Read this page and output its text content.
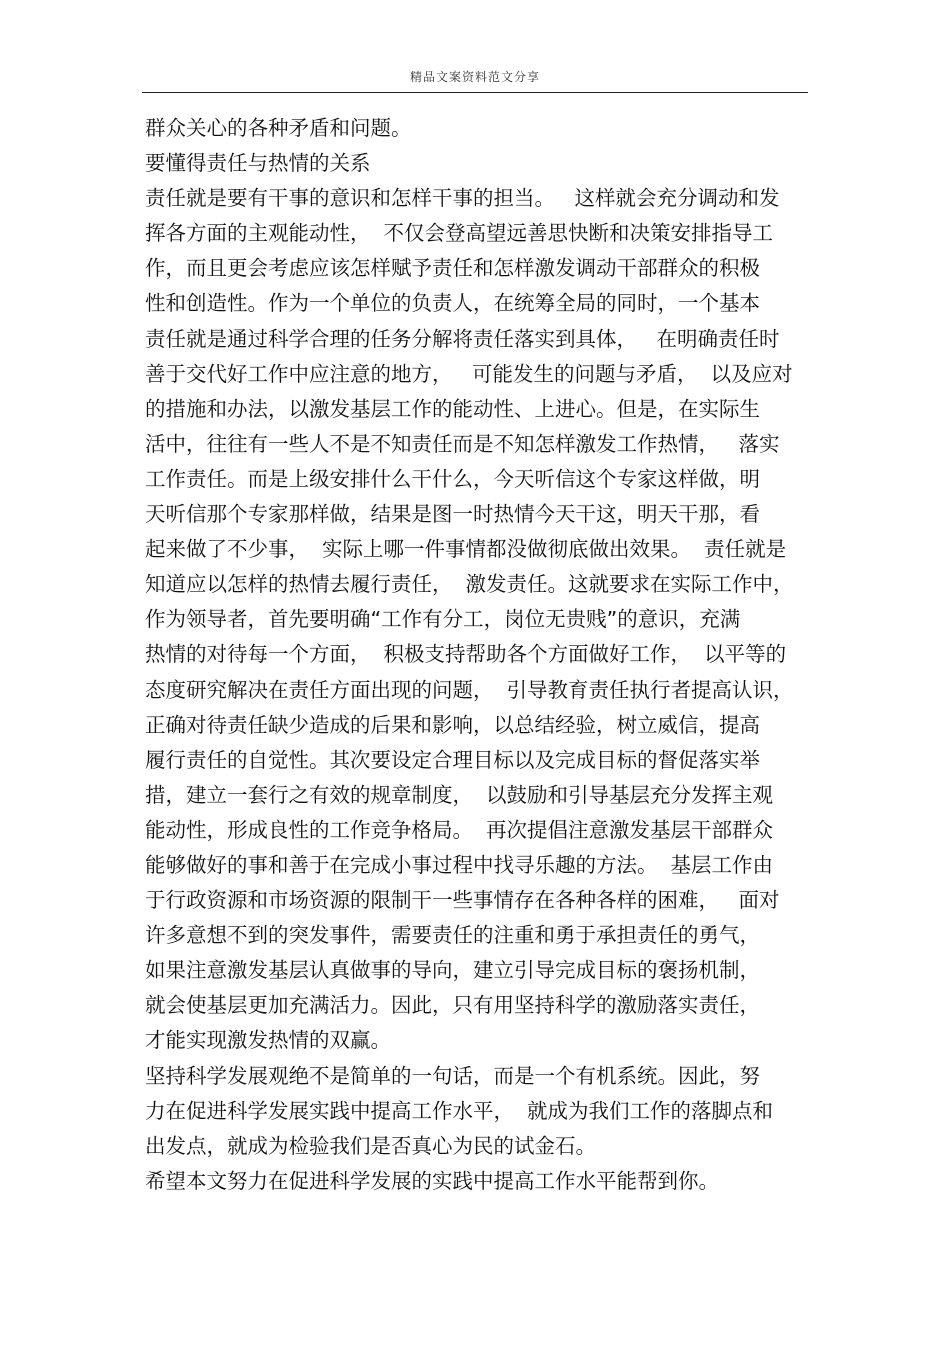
精品文案资料范文分享
群众关心的各种矛盾和问题。
要懂得责任与热情的关系
责任就是要有干事的意识和怎样干事的担当。   这样就会充分调动和发
挥各方面的主观能动性，  不仅会登高望远善思快断和决策安排指导工
作，而且更会考虑应该怎样赋予责任和怎样激发调动干部群众的积极
性和创造性。作为一个单位的负责人，在统筹全局的同时，一个基本
责任就是通过科学合理的任务分解将责任落实到具体，   在明确责任时
善于交代好工作中应注意的地方，   可能发生的问题与矛盾，  以及应对
的措施和办法，以激发基层工作的能动性、上进心。但是，在实际生
活中，往往有一些人不是不知责任而是不知怎样激发工作热情，   落实
工作责任。而是上级安排什么干什么，今天听信这个专家这样做，明
天听信那个专家那样做，结果是图一时热情今天干这，明天干那，看
起来做了不少事，  实际上哪一件事情都没做彻底做出效果。  责任就是
知道应以怎样的热情去履行责任，  激发责任。这就要求在实际工作中，
作为领导者，首先要明确“工作有分工，岗位无贵贱”的意识，充满
热情的对待每一个方面，  积极支持帮助各个方面做好工作，  以平等的
态度研究解决在责任方面出现的问题，  引导教育责任执行者提高认识，
正确对待责任缺少造成的后果和影响，以总结经验，树立威信，提高
履行责任的自觉性。其次要设定合理目标以及完成目标的督促落实举
措，建立一套行之有效的规章制度，  以鼓励和引导基层充分发挥主观
能动性，形成良性的工作竞争格局。  再次提倡注意激发基层干部群众
能够做好的事和善于在完成小事过程中找寻乐趣的方法。  基层工作由
于行政资源和市场资源的限制干一些事情存在各种各样的困难，   面对
许多意想不到的突发事件，需要责任的注重和勇于承担责任的勇气，
如果注意激发基层认真做事的导向，建立引导完成目标的褒扬机制，
就会使基层更加充满活力。因此，只有用坚持科学的激励落实责任，
才能实现激发热情的双赢。
坚持科学发展观绝不是简单的一句话，而是一个有机系统。因此，努
力在促进科学发展实践中提高工作水平，  就成为我们工作的落脚点和
出发点，就成为检验我们是否真心为民的试金石。
希望本文努力在促进科学发展的实践中提高工作水平能帮到你。
